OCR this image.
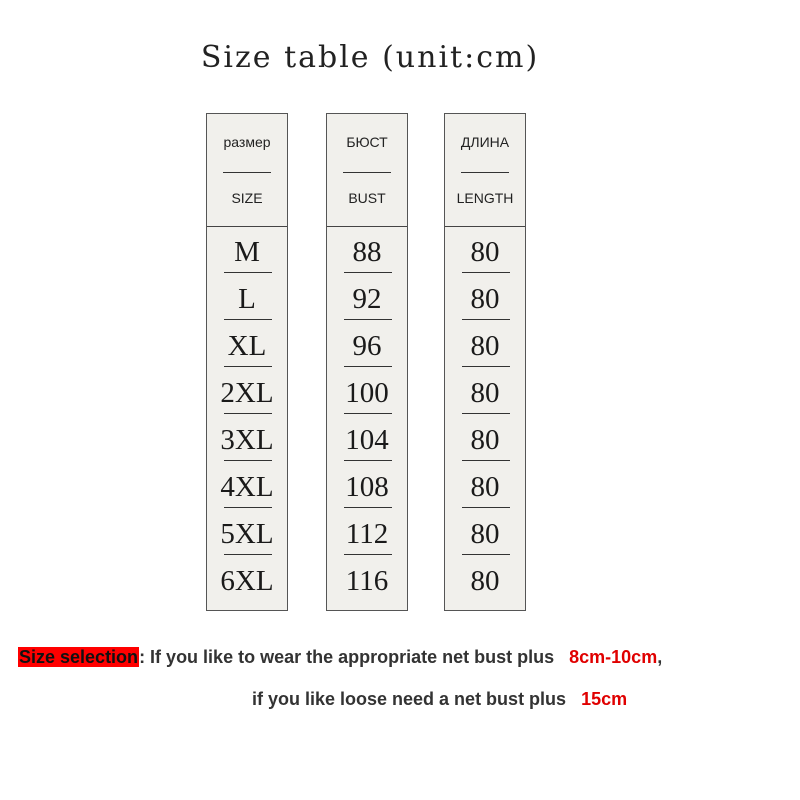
Size table (unit:cm)
размер
SIZE
M
L
XL
2XL
3XL
4XL
5XL
6XL
БЮСТ
BUST
88
92
96
100
104
108
112
116
ДЛИНА
LENGTH
80
80
80
80
80
80
80
80
Size selection: If you like to wear the appropriate net bust plus 8cm-10cm,
if you like loose need a net bust plus 15cm
